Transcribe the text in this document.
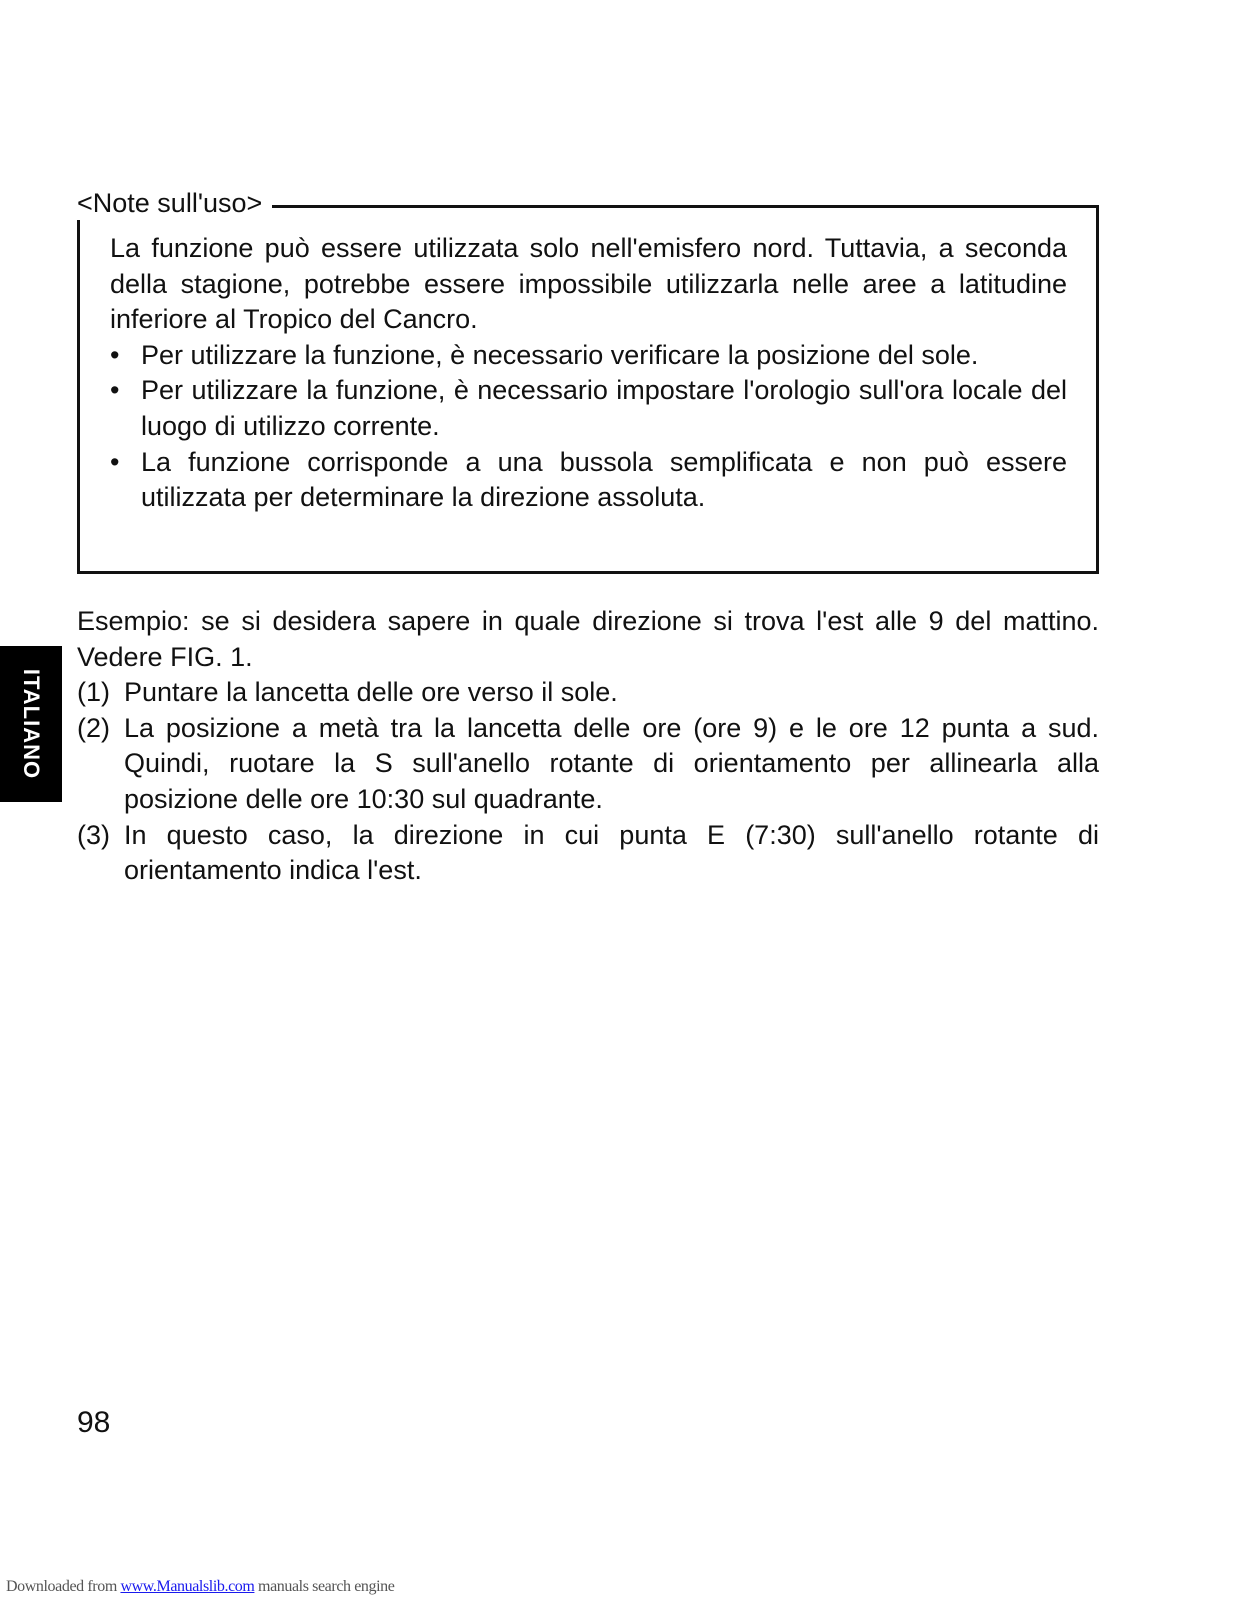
<Note sull'uso>

La funzione può essere utilizzata solo nell'emisfero nord. Tuttavia, a seconda della stagione, potrebbe essere impossibile utilizzarla nelle aree a latitudine inferiore al Tropico del Cancro.

• Per utilizzare la funzione, è necessario verificare la posizione del sole.
• Per utilizzare la funzione, è necessario impostare l'orologio sull'ora locale del luogo di utilizzo corrente.
• La funzione corrisponde a una bussola semplificata e non può essere utilizzata per determinare la direzione assoluta.

Esempio: se si desidera sapere in quale direzione si trova l'est alle 9 del mattino. Vedere FIG. 1.

(1) Puntare la lancetta delle ore verso il sole.
(2) La posizione a metà tra la lancetta delle ore (ore 9) e le ore 12 punta a sud. Quindi, ruotare la S sull'anello rotante di orientamento per allinearla alla posizione delle ore 10:30 sul quadrante.
(3) In questo caso, la direzione in cui punta E (7:30) sull'anello rotante di orientamento indica l'est.
ITALIANO
98
Downloaded from www.Manualslib.com manuals search engine
